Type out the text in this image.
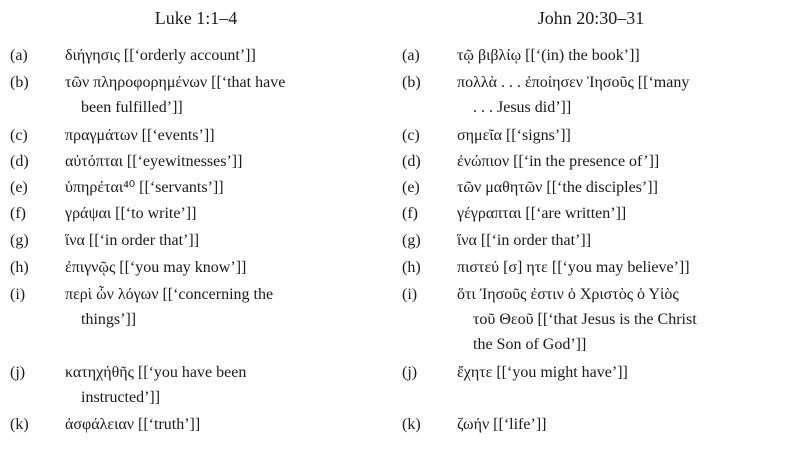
Luke 1:1–4
(a)	διήγησις [[‘orderly account’]]
(b)	τῶν πληροφορημένων [[‘that have
been fulfilled’]]
(c)	πραγμάτων [[‘events’]]
(d)	αὐτόπται [[‘eyewitnesses’]]
(e)	ὑπηρέται⁴⁰ [[‘servants’]]
(f)	γράψαι [[‘to write’]]
(g)	ἵνα [[‘in order that’]]
(h)	ἐπιγνῷς [[‘you may know’]]
(i)	περὶ ὧν λόγων [[‘concerning the
things’]]
(j)	κατηχήθῆς [[‘you have been
instructed’]]
(k)	ἀσφάλειαν [[‘truth’]]
John 20:30–31
(a)	τῷ βιβλίῳ [[‘(in) the book’]]
(b)	πολλὰ . . . ἐποίησεν Ἰησοῦς [[‘many
. . . Jesus did’]]
(c)	σημεῖα [[‘signs’]]
(d)	ἐνώπιον [[‘in the presence of’]]
(e)	τῶν μαθητῶν [[‘the disciples’]]
(f)	γέγραπται [[‘are written’]]
(g)	ἵνα [[‘in order that’]]
(h)	πιστεύ [σ] ητε [[‘you may believe’]]
(i)	ὅτι Ἰησοῦς ἐστιν ὁ Χριστὸς ὁ Υἱὸς
τοῦ Θεοῦ [[‘that Jesus is the Christ
the Son of God’]]
(j)	ἔχητε [[‘you might have’]]
(k)	ζωήν [[‘life’]]
